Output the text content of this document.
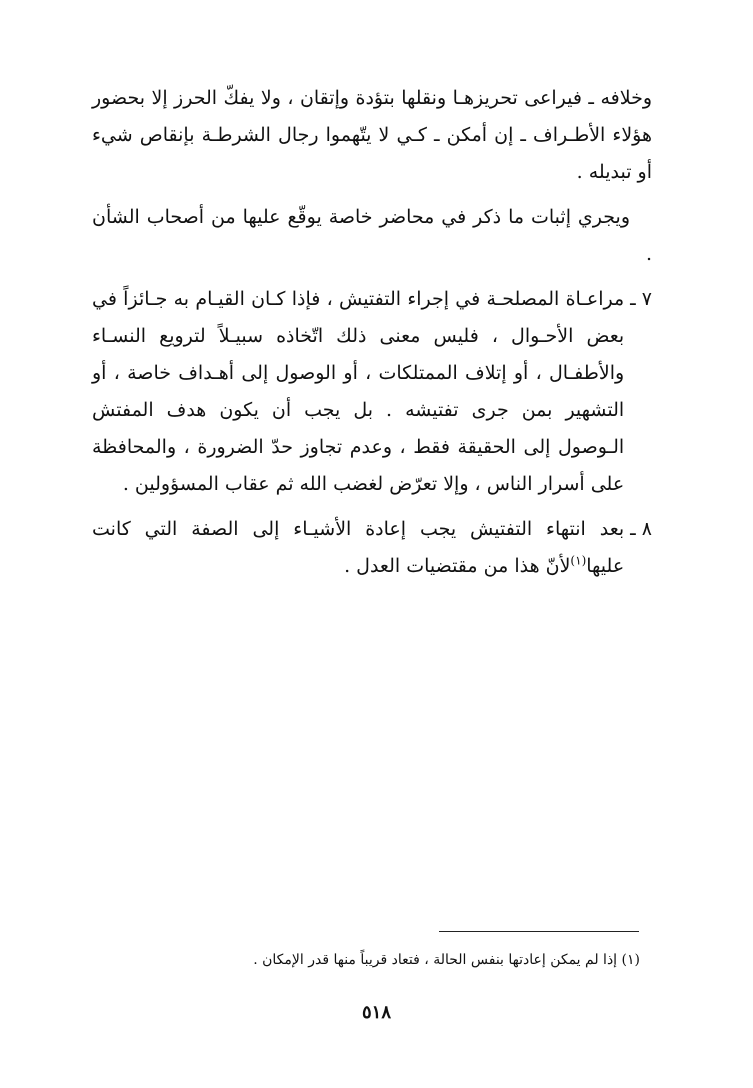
وخلافه ـ فيراعى تحريزهـا ونقلها بتؤدة وإتقان ، ولا يفكّ الحرز إلا بحضور هؤلاء الأطـراف ـ إن أمكن ـ كـي لا يتّهموا رجال الشرطـة بإنقاص شيء أو تبديله .

ويجري إثبات ما ذكر في محاضر خاصة يوقّع عليها من أصحاب الشأن .

٧ ـ
مراعـاة المصلحـة في إجراء التفتيش ، فإذا كـان القيـام به جـائزاً في بعض الأحـوال ، فليس معنى ذلك اتّخاذه سبيـلاً لترويع النسـاء والأطفـال ، أو إتلاف الممتلكات ، أو الوصول إلى أهـداف خاصة ، أو التشهير بمن جرى تفتيشه . بل يجب أن يكون هدف المفتش الـوصول إلى الحقيقة فقط ، وعدم تجاوز حدّ الضرورة ، والمحافظة على أسرار الناس ، وإلا تعرّض لغضب الله ثم عقاب المسؤولين .
٨ ـ
بعد انتهاء التفتيش يجب إعادة الأشيـاء إلى الصفة التي كانت عليها$^{(١)}$لأنّ هذا من مقتضيات العدل .
(١) إذا لم يمكن إعادتها بنفس الحالة ، فتعاد قريباً منها قدر الإمكان .
٥١٨
